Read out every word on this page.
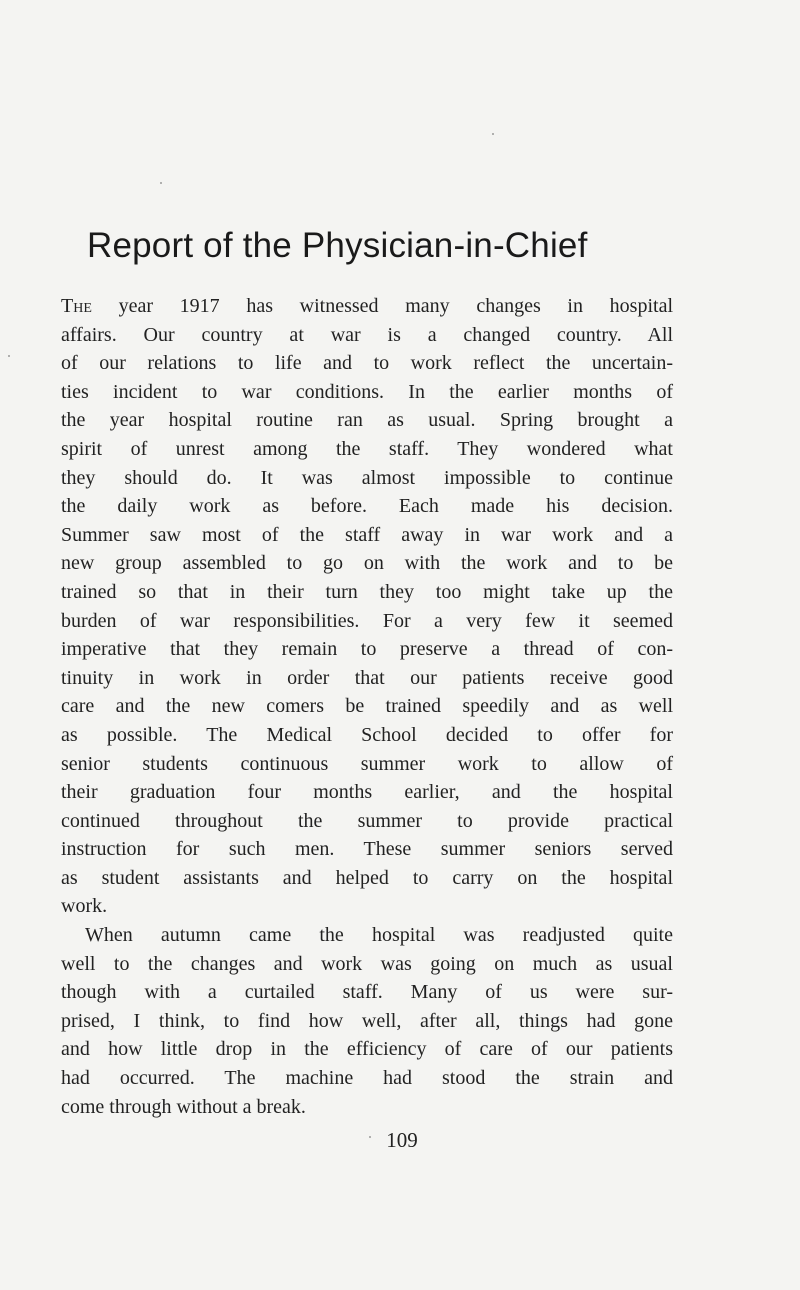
Report of the Physician-in-Chief

The year 1917 has witnessed many changes in hospital
affairs. Our country at war is a changed country. All
of our relations to life and to work reflect the uncertain-
ties incident to war conditions. In the earlier months of
the year hospital routine ran as usual. Spring brought a
spirit of unrest among the staff. They wondered what
they should do. It was almost impossible to continue
the daily work as before. Each made his decision.
Summer saw most of the staff away in war work and a
new group assembled to go on with the work and to be
trained so that in their turn they too might take up the
burden of war responsibilities. For a very few it seemed
imperative that they remain to preserve a thread of con-
tinuity in work in order that our patients receive good
care and the new comers be trained speedily and as well
as possible. The Medical School decided to offer for
senior students continuous summer work to allow of
their graduation four months earlier, and the hospital
continued throughout the summer to provide practical
instruction for such men. These summer seniors served
as student assistants and helped to carry on the hospital
work.

When autumn came the hospital was readjusted quite
well to the changes and work was going on much as usual
though with a curtailed staff. Many of us were sur-
prised, I think, to find how well, after all, things had gone
and how little drop in the efficiency of care of our patients
had occurred. The machine had stood the strain and
come through without a break.

109
